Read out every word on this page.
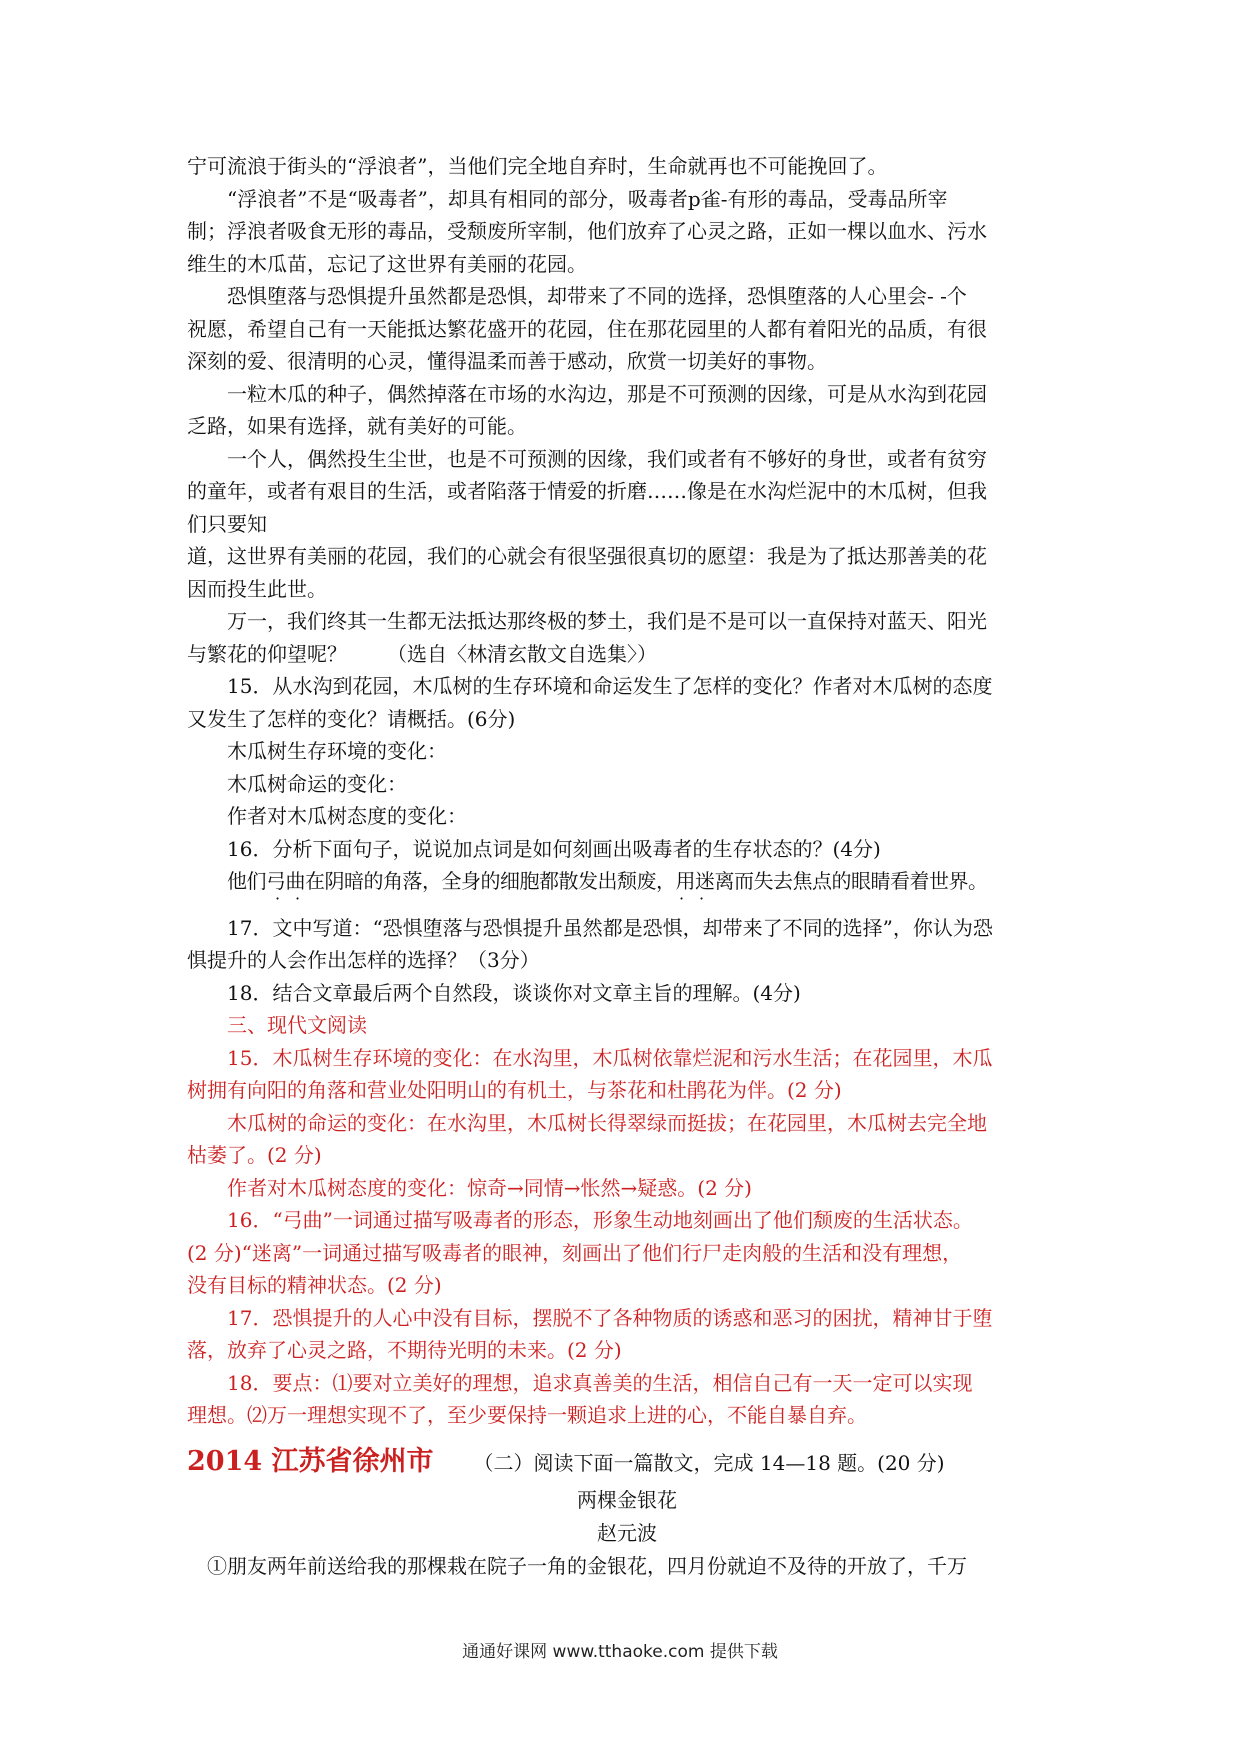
宁可流浪于街头的“浮浪者”，当他们完全地自弃时，生命就再也不可能挽回了。
“浮浪者”不是“吸毒者”，却具有相同的部分，吸毒者p雀-有形的毒品，受毒品所宰
制；浮浪者吸食无形的毒品，受颓废所宰制，他们放弃了心灵之路，正如一棵以血水、污水
维生的木瓜苗，忘记了这世界有美丽的花园。
恐惧堕落与恐惧提升虽然都是恐惧，却带来了不同的选择，恐惧堕落的人心里会- -个
祝愿，希望自己有一天能抵达繁花盛开的花园，住在那花园里的人都有着阳光的品质，有很
深刻的爱、很清明的心灵，懂得温柔而善于感动，欣赏一切美好的事物。
一粒木瓜的种子，偶然掉落在市场的水沟边，那是不可预测的因缘，可是从水沟到花园
乏路，如果有选择，就有美好的可能。
一个人，偶然投生尘世，也是不可预测的因缘，我们或者有不够好的身世，或者有贫穷
的童年，或者有艰目的生活，或者陷落于情爱的折磨……像是在水沟烂泥中的木瓜树，但我
们只要知
道，这世界有美丽的花园，我们的心就会有很坚强很真切的愿望：我是为了抵达那善美的花
因而投生此世。
万一，我们终其一生都无法抵达那终极的梦土，我们是不是可以一直保持对蓝天、阳光
与繁花的仰望呢？ （选自〈林清玄散文自选集〉）
15．从水沟到花园，木瓜树的生存环境和命运发生了怎样的变化？作者对木瓜树的态度
又发生了怎样的变化？请概括。(6分)
木瓜树生存环境的变化：
木瓜树命运的变化：
作者对木瓜树态度的变化：
16．分析下面句子，说说加点词是如何刻画出吸毒者的生存状态的？(4分)
他们弓曲在阴暗的角落，全身的细胞都散发出颓废，用迷离而失去焦点的眼睛看着世界。
· ·	· ·
17．文中写道：“恐惧堕落与恐惧提升虽然都是恐惧，却带来了不同的选择”，你认为恐
惧提升的人会作出怎样的选择？（3分）
18．结合文章最后两个自然段，谈谈你对文章主旨的理解。(4分)
三、现代文阅读
15．木瓜树生存环境的变化：在水沟里，木瓜树依靠烂泥和污水生活；在花园里，木瓜
树拥有向阳的角落和营业处阳明山的有机土，与茶花和杜鹃花为伴。(2 分)
木瓜树的命运的变化：在水沟里，木瓜树长得翠绿而挺拔；在花园里，木瓜树去完全地
枯萎了。(2 分)
作者对木瓜树态度的变化：惊奇→同情→怅然→疑惑。(2 分)
16．“弓曲”一词通过描写吸毒者的形态，形象生动地刻画出了他们颓废的生活状态。
(2 分)“迷离”一词通过描写吸毒者的眼神，刻画出了他们行尸走肉般的生活和没有理想，
没有目标的精神状态。(2 分)
17．恐惧提升的人心中没有目标，摆脱不了各种物质的诱惑和恶习的困扰，精神甘于堕
落，放弃了心灵之路，不期待光明的未来。(2 分)
18．要点：⑴要对立美好的理想，追求真善美的生活，相信自己有一天一定可以实现
理想。⑵万一理想实现不了，至少要保持一颗追求上进的心，不能自暴自弃。
2014 江苏省徐州市 （二）阅读下面一篇散文，完成 14—18 题。(20 分)
两棵金银花
赵元波
①朋友两年前送给我的那棵栽在院子一角的金银花，四月份就迫不及待的开放了，千万
通通好课网 www.tthaoke.com 提供下载
